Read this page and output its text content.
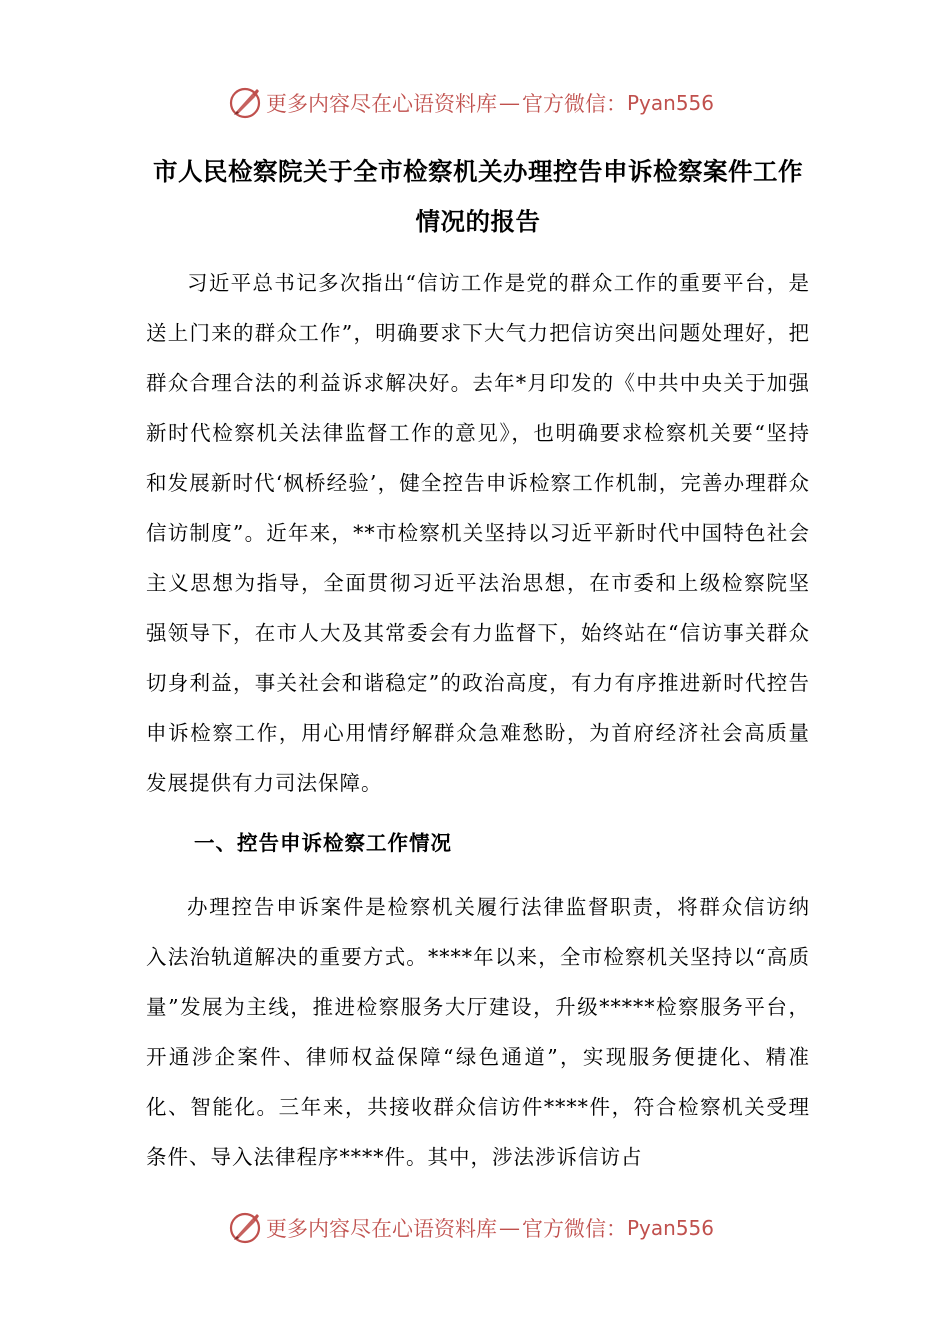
更多内容尽在心语资料库 — 官方微信： Pyan556
市人民检察院关于全市检察机关办理控告申诉检察案件工作情况的报告

习近平总书记多次指出“信访工作是党的群众工作的重要平台，是送上门来的群众工作”，明确要求下大气力把信访突出问题处理好，把群众合理合法的利益诉求解决好。去年*月印发的《中共中央关于加强新时代检察机关法律监督工作的意见》，也明确要求检察机关要“坚持和发展新时代‘枫桥经验’，健全控告申诉检察工作机制，完善办理群众信访制度”。近年来，**市检察机关坚持以习近平新时代中国特色社会主义思想为指导，全面贯彻习近平法治思想，在市委和上级检察院坚强领导下，在市人大及其常委会有力监督下，始终站在“信访事关群众切身利益，事关社会和谐稳定”的政治高度，有力有序推进新时代控告申诉检察工作，用心用情纾解群众急难愁盼，为首府经济社会高质量发展提供有力司法保障。

一、控告申诉检察工作情况

办理控告申诉案件是检察机关履行法律监督职责，将群众信访纳入法治轨道解决的重要方式。****年以来，全市检察机关坚持以“高质量”发展为主线，推进检察服务大厅建设，升级*****检察服务平台，开通涉企案件、律师权益保障“绿色通道”，实现服务便捷化、精准化、智能化。三年来，共接收群众信访件****件，符合检察机关受理条件、导入法律程序****件。其中，涉法涉诉信访占

更多内容尽在心语资料库 — 官方微信： Pyan556
